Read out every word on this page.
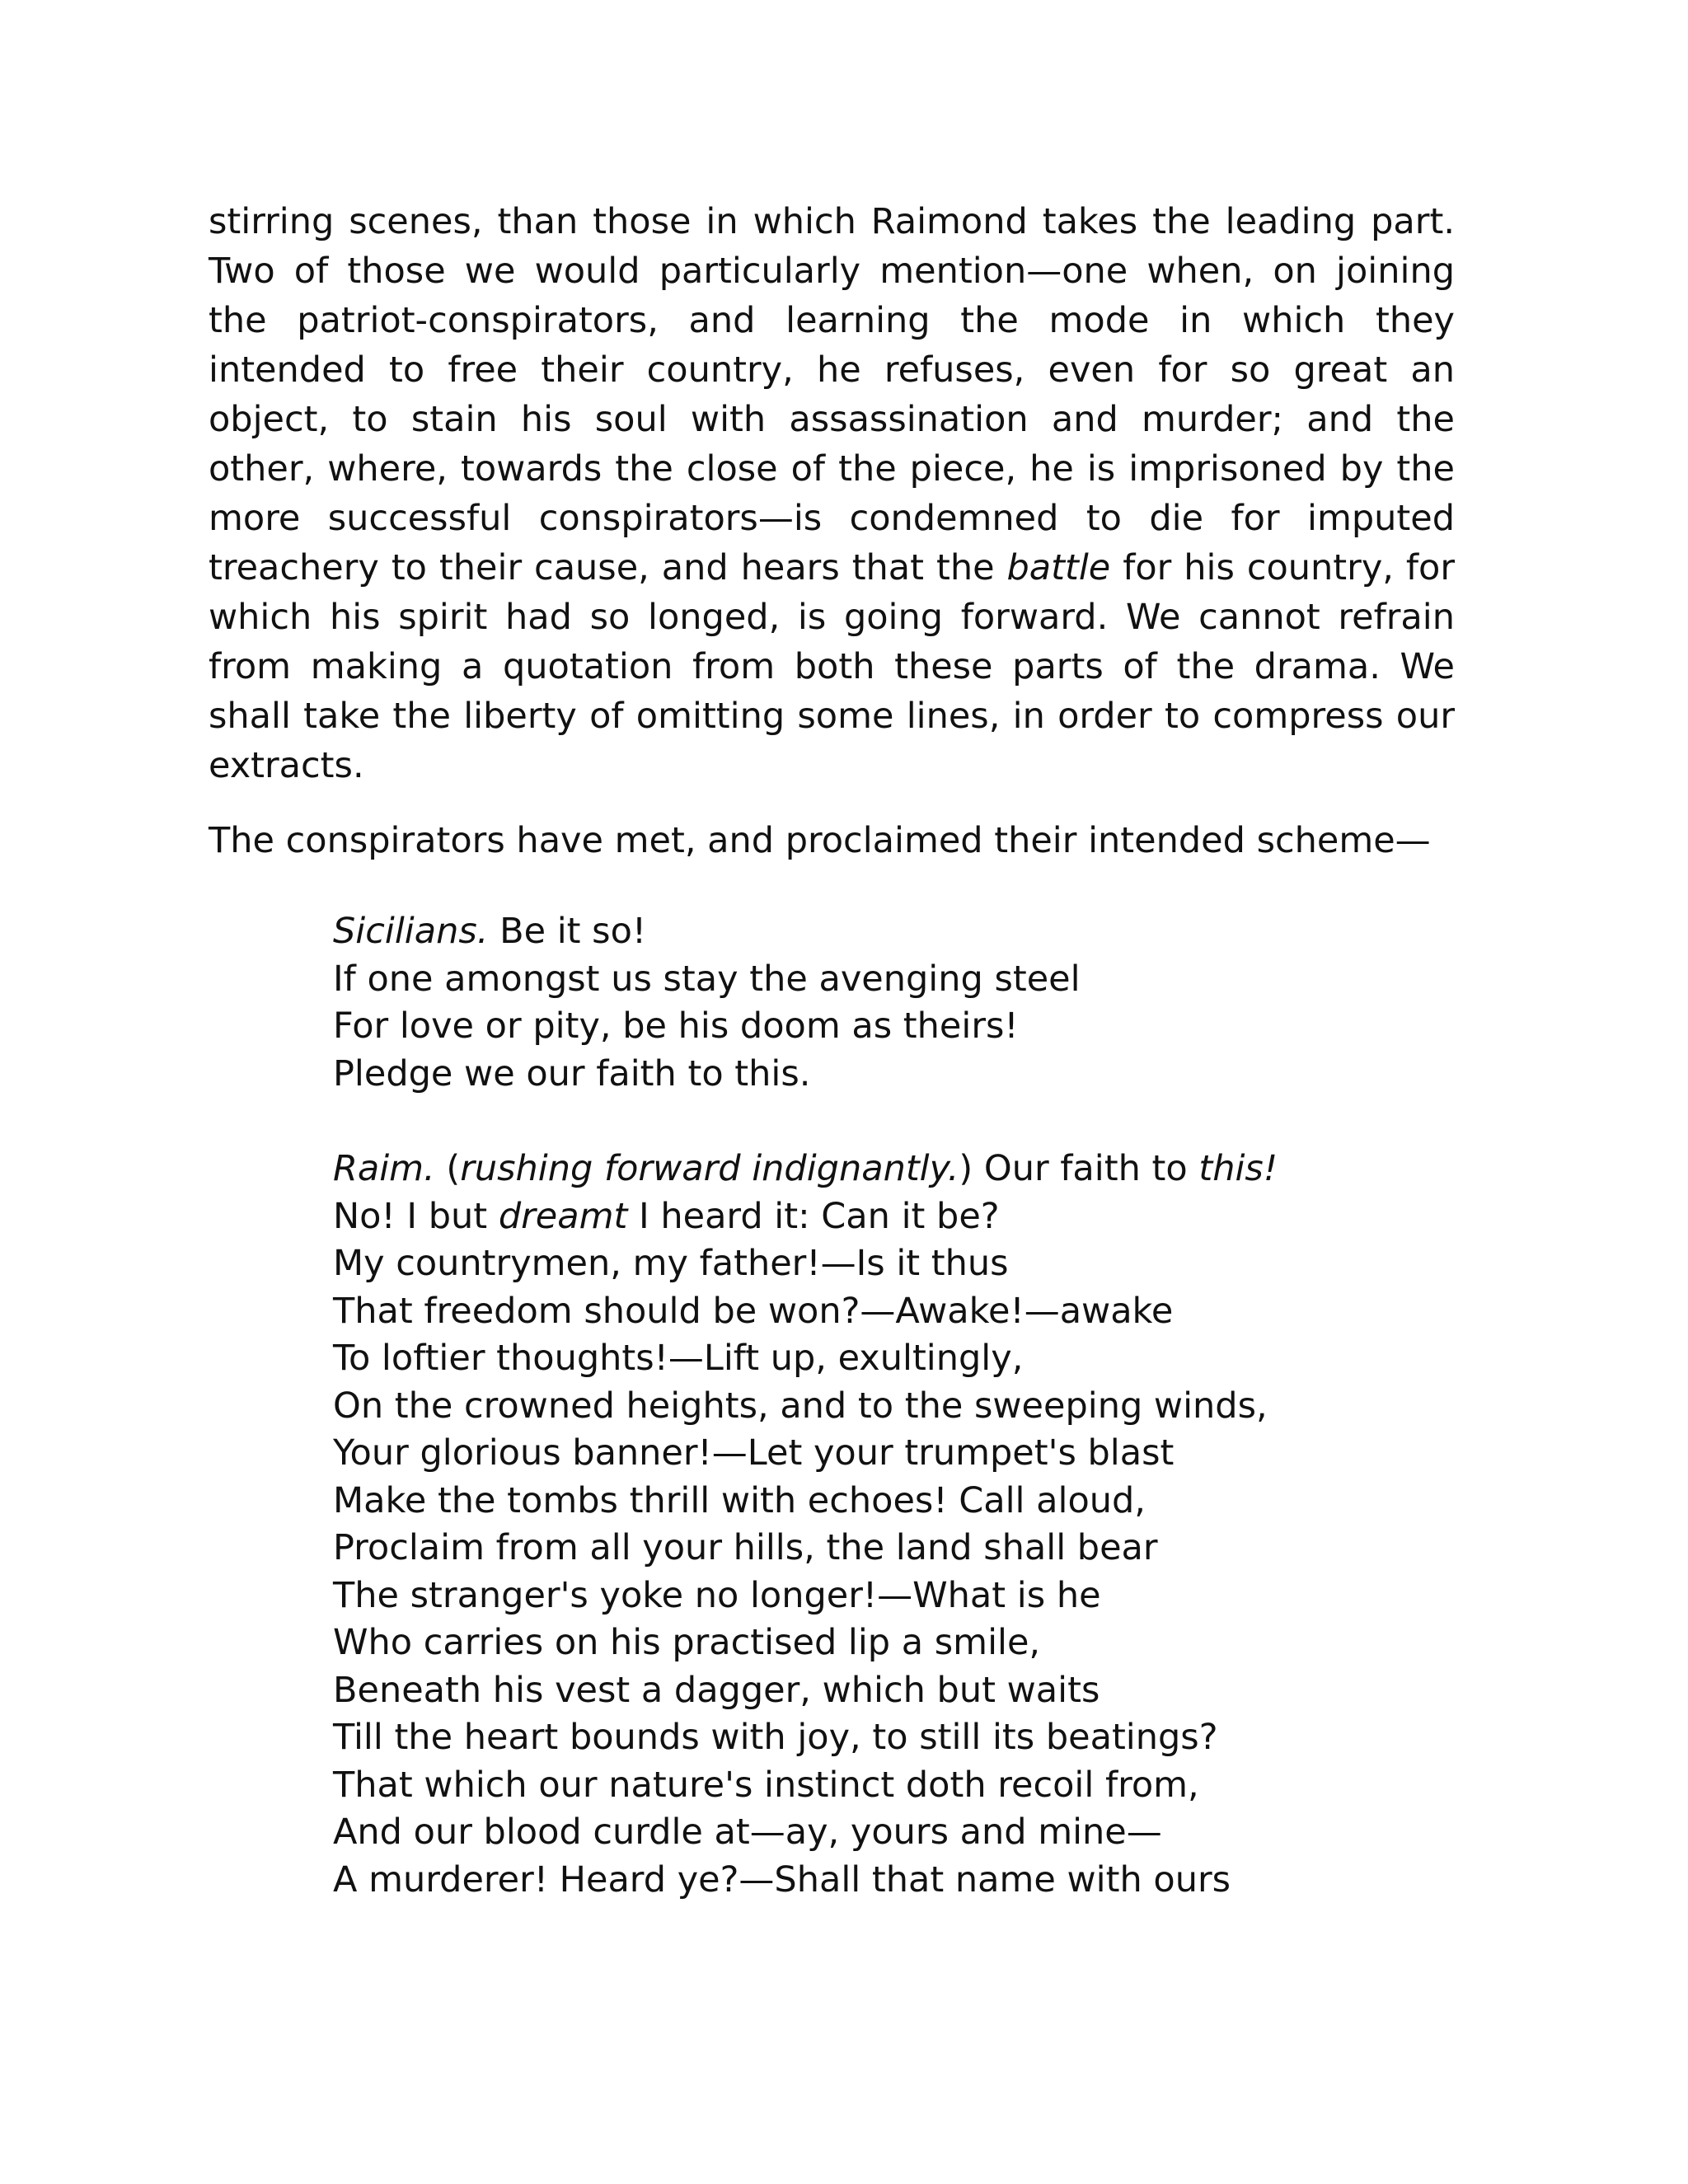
stirring scenes, than those in which Raimond takes the leading part.
Two of those we would particularly mention—one when, on joining
the patriot-conspirators, and learning the mode in which they
intended to free their country, he refuses, even for so great an
object, to stain his soul with assassination and murder; and the
other, where, towards the close of the piece, he is imprisoned by the
more successful conspirators—is condemned to die for imputed
treachery to their cause, and hears that the battle for his country, for
which his spirit had so longed, is going forward. We cannot refrain
from making a quotation from both these parts of the drama. We
shall take the liberty of omitting some lines, in order to compress our
extracts.

The conspirators have met, and proclaimed their intended scheme—

Sicilians. Be it so!
If one amongst us stay the avenging steel
For love or pity, be his doom as theirs!
Pledge we our faith to this.
Raim. (rushing forward indignantly.) Our faith to this!
No! I but dreamt I heard it: Can it be?
My countrymen, my father!—Is it thus
That freedom should be won?—Awake!—awake
To loftier thoughts!—Lift up, exultingly,
On the crowned heights, and to the sweeping winds,
Your glorious banner!—Let your trumpet's blast
Make the tombs thrill with echoes! Call aloud,
Proclaim from all your hills, the land shall bear
The stranger's yoke no longer!—What is he
Who carries on his practised lip a smile,
Beneath his vest a dagger, which but waits
Till the heart bounds with joy, to still its beatings?
That which our nature's instinct doth recoil from,
And our blood curdle at—ay, yours and mine—
A murderer! Heard ye?—Shall that name with ours
